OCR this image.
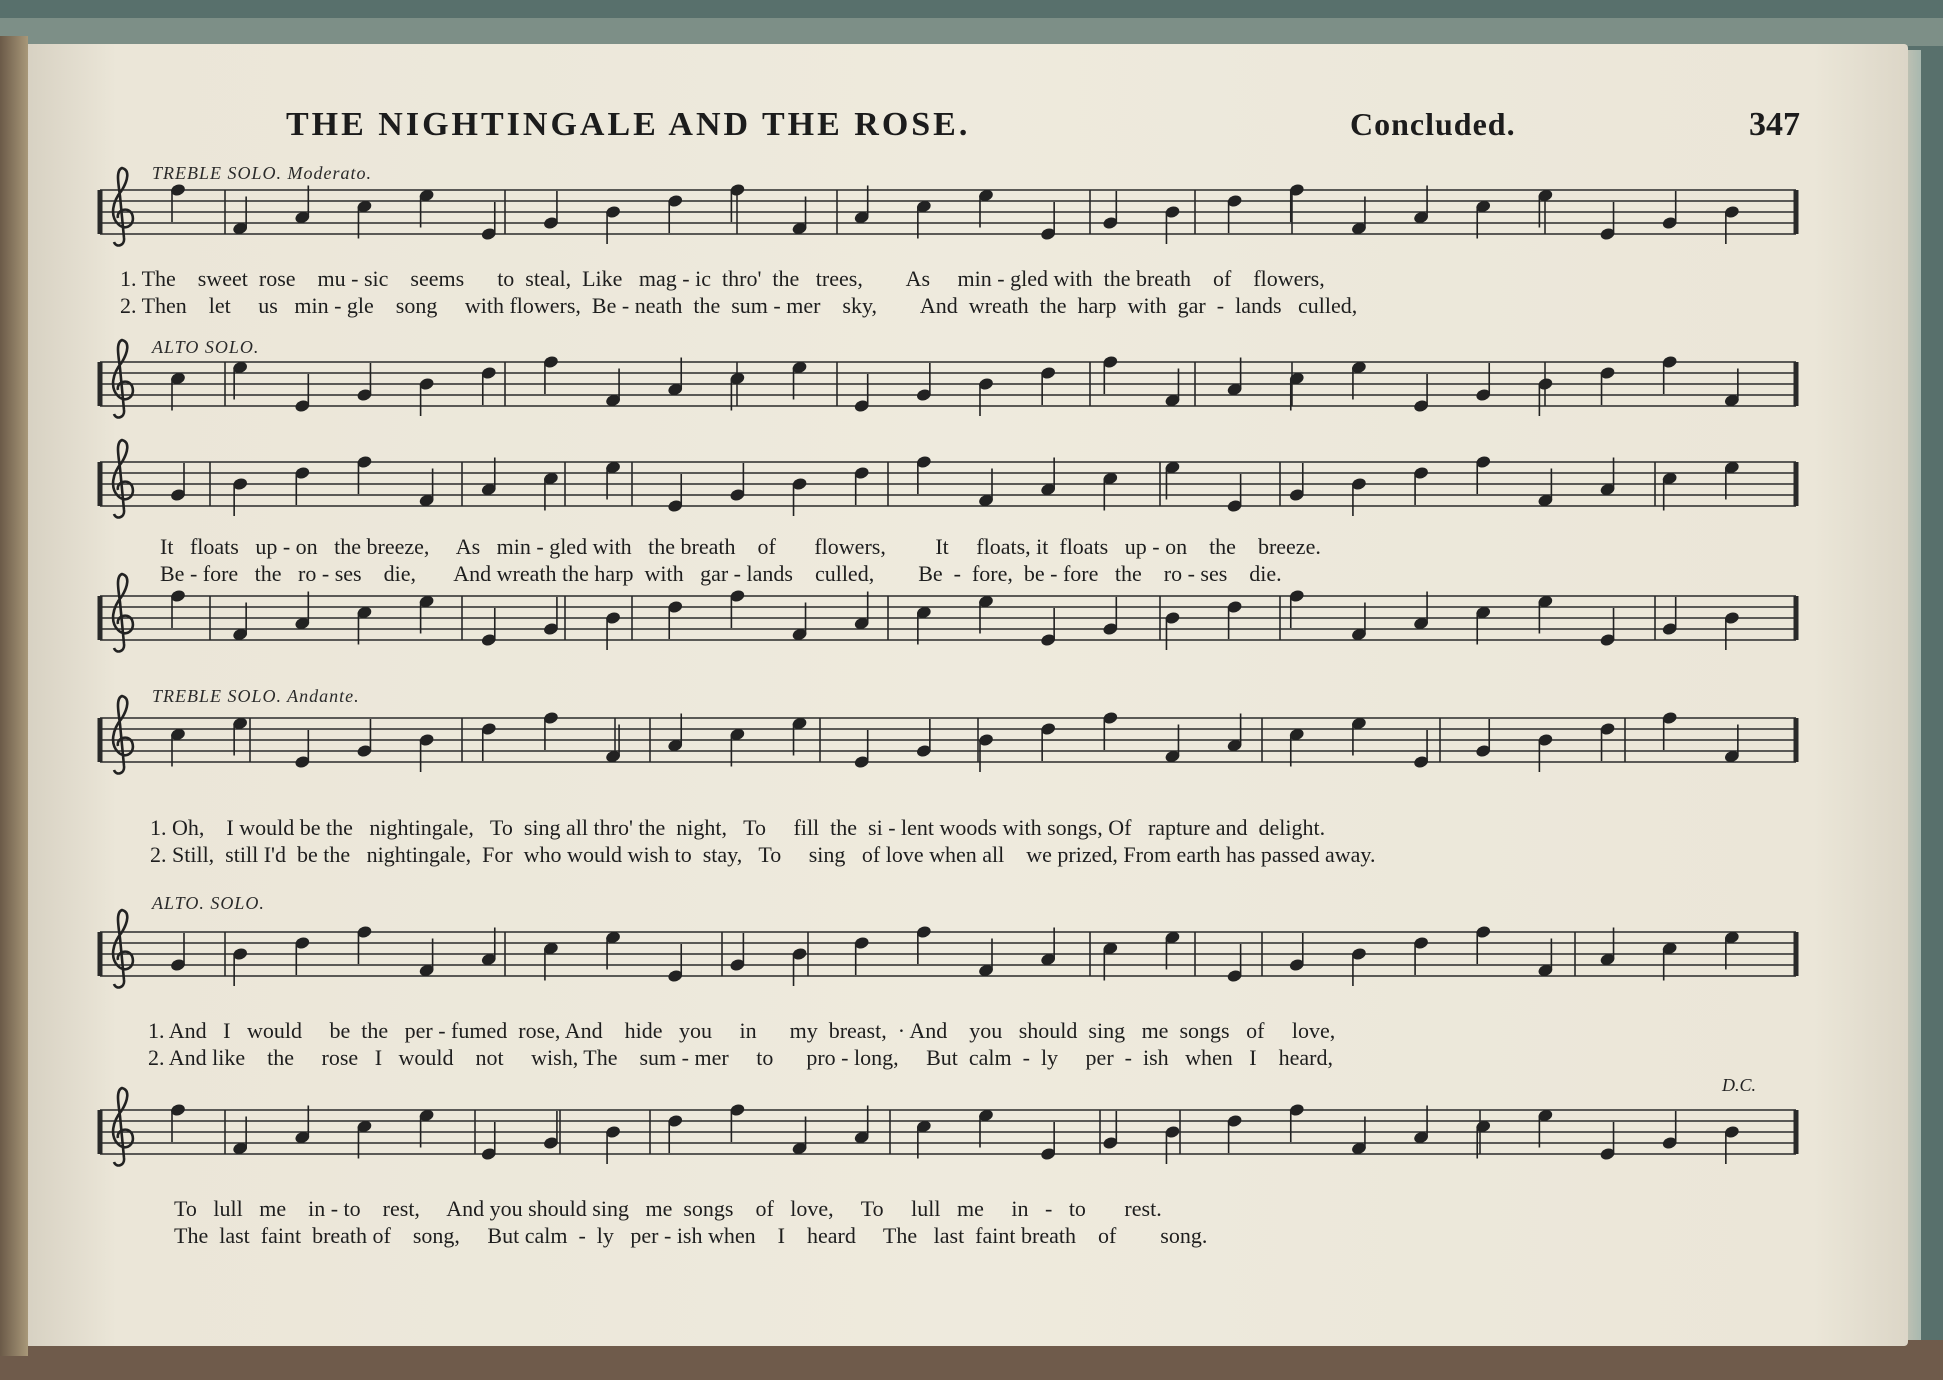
THE NIGHTINGALE AND THE ROSE.	Concluded.	347
TREBLE SOLO. Moderato.
ALTO SOLO.
TREBLE SOLO. Andante.
ALTO. SOLO.
1. The    sweet  rose    mu - sic    seems      to  steal,  Like   mag - ic  thro'  the   trees,        As     min - gled with  the breath    of    flowers,
2. Then    let     us   min - gle    song     with flowers,  Be - neath  the  sum - mer    sky,        And  wreath  the  harp  with  gar  -  lands   culled,
It   floats   up - on   the breeze,     As   min - gled with   the breath    of       flowers,         It     floats, it  floats   up - on    the    breeze.
Be - fore   the   ro - ses    die,       And wreath the harp  with   gar - lands    culled,        Be  -  fore,  be - fore   the    ro - ses    die.
1. Oh,    I would be the   nightingale,   To  sing all thro' the  night,   To     fill  the  si - lent woods with songs, Of   rapture and  delight.
2. Still,  still I'd  be the   nightingale,  For  who would wish to  stay,   To     sing   of love when all    we prized, From earth has passed away.
1. And   I   would     be  the   per - fumed  rose, And    hide   you     in      my  breast,  · And    you   should  sing   me  songs   of     love,
2. And like    the     rose   I   would    not     wish, The    sum - mer     to      pro - long,     But  calm  -  ly     per  -  ish   when   I    heard,
D.C.
To   lull   me    in - to    rest,     And you should sing   me  songs    of   love,     To     lull   me     in   -   to       rest.
The  last  faint  breath of    song,     But calm  -  ly   per - ish when    I    heard     The   last  faint breath    of        song.
